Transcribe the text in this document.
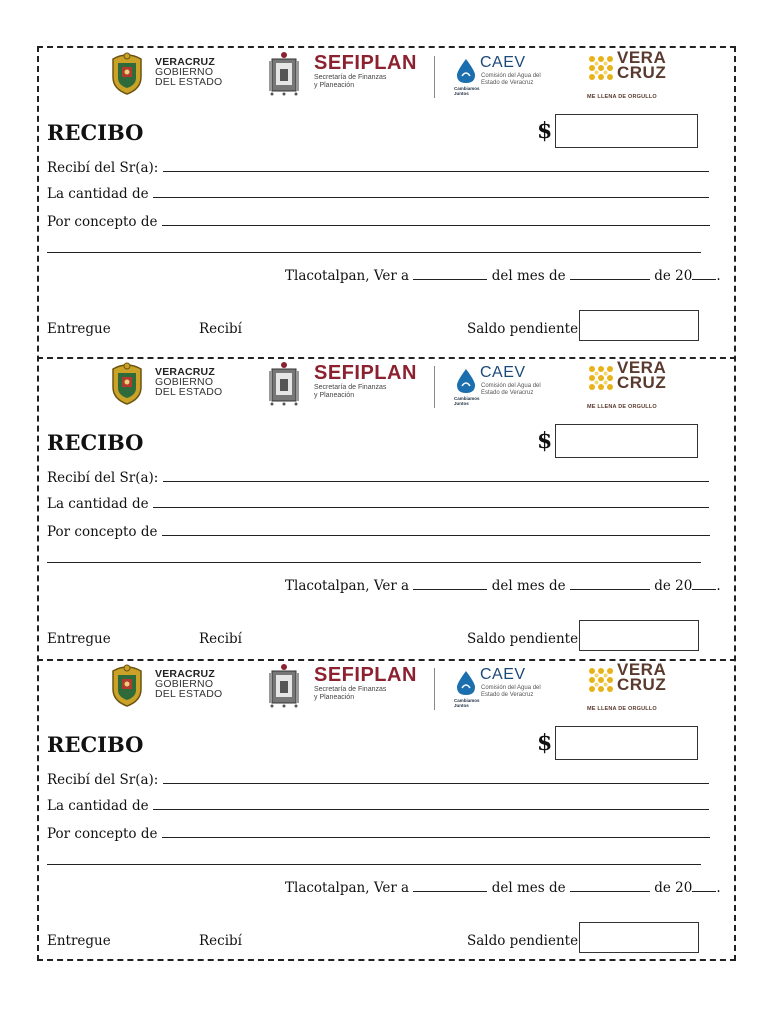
VERACRUZ
GOBIERNO
DEL ESTADO
SEFIPLAN
Secretaría de Finanzas
y Planeación	Cambiamos
Juntos
CAEV
Comisión del Agua del
Estado de Veracruz
VERA
CRUZ
ME LLENA DE ORGULLO
RECIBO	$
Recibí del Sr(a):
La cantidad de
Por concepto de
Tlacotalpan, Ver a	del mes de	de 20 .
Entregue	Recibí	Saldo pendiente
VERACRUZ
GOBIERNO
DEL ESTADO
SEFIPLAN
Secretaría de Finanzas
y Planeación	Cambiamos
Juntos
CAEV
Comisión del Agua del
Estado de Veracruz
VERA
CRUZ
ME LLENA DE ORGULLO
RECIBO	$
Recibí del Sr(a):
La cantidad de
Por concepto de
Tlacotalpan, Ver a	del mes de	de 20 .
Entregue	Recibí	Saldo pendiente
VERACRUZ
GOBIERNO
DEL ESTADO
SEFIPLAN
Secretaría de Finanzas
y Planeación	Cambiamos
Juntos
CAEV
Comisión del Agua del
Estado de Veracruz
VERA
CRUZ
ME LLENA DE ORGULLO
RECIBO	$
Recibí del Sr(a):
La cantidad de
Por concepto de
Tlacotalpan, Ver a	del mes de	de 20 .
Entregue	Recibí	Saldo pendiente
